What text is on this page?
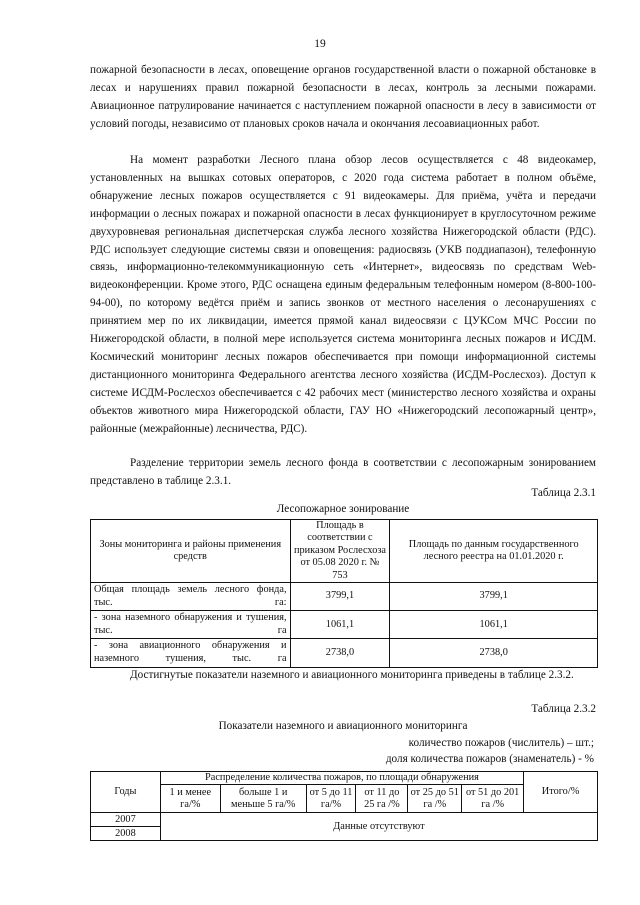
19

пожарной безопасности в лесах, оповещение органов государственной власти о пожарной обстановке в лесах и нарушениях правил пожарной безопасности в лесах, контроль за лесными пожарами. Авиационное патрулирование начинается с наступлением пожарной опасности в лесу в зависимости от условий погоды, независимо от плановых сроков начала и окончания лесоавиационных работ.

На момент разработки Лесного плана обзор лесов осуществляется с 48 видеокамер, установленных на вышках сотовых операторов, с 2020 года система работает в полном объёме, обнаружение лесных пожаров осуществляется с 91 видеокамеры. Для приёма, учёта и передачи информации о лесных пожарах и пожарной опасности в лесах функционирует в круглосуточном режиме двухуровневая региональная диспетчерская служба лесного хозяйства Нижегородской области (РДС). РДС использует следующие системы связи и оповещения: радиосвязь (УКВ поддиапазон), телефонную связь, информационно-телекоммуникационную сеть «Интернет», видеосвязь по средствам Web-видеоконференции. Кроме этого, РДС оснащена единым федеральным телефонным номером (8-800-100-94-00), по которому ведётся приём и запись звонков от местного населения о лесонарушениях с принятием мер по их ликвидации, имеется прямой канал видеосвязи с ЦУКСом МЧС России по Нижегородской области, в полной мере используется система мониторинга лесных пожаров и ИСДМ. Космический мониторинг лесных пожаров обеспечивается при помощи информационной системы дистанционного мониторинга Федерального агентства лесного хозяйства (ИСДМ-Рослесхоз). Доступ к системе ИСДМ-Рослесхоз обеспечивается с 42 рабочих мест (министерство лесного хозяйства и охраны объектов животного мира Нижегородской области, ГАУ НО «Нижегородский лесопожарный центр», районные (межрайонные) лесничества, РДС).

Разделение территории земель лесного фонда в соответствии с лесопожарным зонированием представлено в таблице 2.3.1.

Таблица 2.3.1
Лесопожарное зонирование
Зоны мониторинга и районы применения средств	Площадь в соответствии с приказом Рослесхоза от 05.08 2020 г. № 753	Площадь по данным государственного лесного реестра на 01.01.2020 г.
Общая площадь земель лесного фонда, тыс. га:	3799,1	3799,1
- зона наземного обнаружения и тушения, тыс. га	1061,1	1061,1
- зона авиационного обнаружения и наземного тушения, тыс. га	2738,0	2738,0

Достигнутые показатели наземного и авиационного мониторинга приведены в таблице 2.3.2.

Таблица 2.3.2
Показатели наземного и авиационного мониторинга
количество пожаров (числитель) – шт.;
доля количества пожаров (знаменатель) - %
Годы	Распределение количества пожаров, по площади обнаружения						Итого/%
	1 и менее га/%	больше 1 и меньше 5 га/%	от 5 до 11 га/%	от 11 до 25 га /%	от 25 до 51 га /%	от 51 до 201 га /%	
2007	Данные отсутствуют						
2008							
